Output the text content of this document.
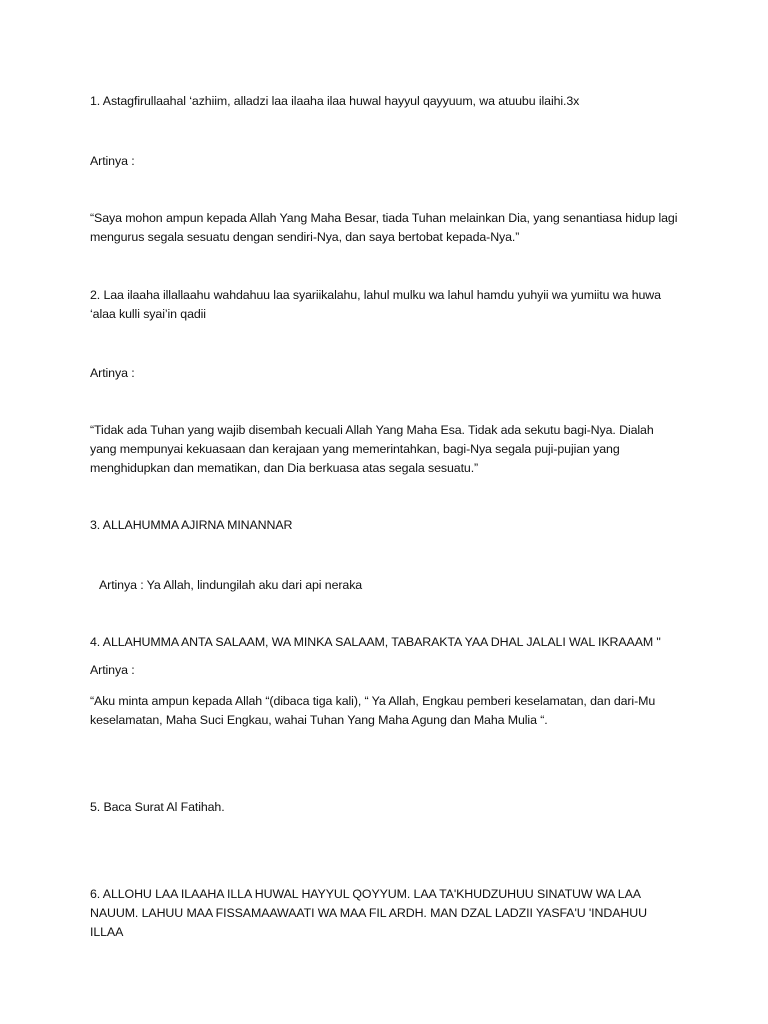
1. Astagfirullaahal ‘azhiim, alladzi laa ilaaha ilaa huwal hayyul qayyuum, wa atuubu ilaihi.3x
Artinya :
“Saya mohon ampun kepada Allah Yang Maha Besar, tiada Tuhan melainkan Dia, yang senantiasa hidup lagi mengurus segala sesuatu dengan sendiri-Nya, dan saya bertobat kepada-Nya.”
2. Laa ilaaha illallaahu wahdahuu laa syariikalahu, lahul mulku wa lahul hamdu yuhyii wa yumiitu wa huwa ‘alaa kulli syai’in qadii
Artinya :
“Tidak ada Tuhan yang wajib disembah kecuali Allah Yang Maha Esa. Tidak ada sekutu bagi-Nya. Dialah yang mempunyai kekuasaan dan kerajaan yang memerintahkan, bagi-Nya segala puji-pujian yang menghidupkan dan mematikan, dan Dia berkuasa atas segala sesuatu.”
3. ALLAHUMMA AJIRNA MINANNAR
Artinya : Ya Allah, lindungilah aku dari api neraka
4. ALLAHUMMA ANTA SALAAM, WA MINKA SALAAM, TABARAKTA YAA DHAL JALALI WAL IKRAAAM "
Artinya :
“Aku minta ampun kepada Allah “(dibaca tiga kali), “ Ya Allah, Engkau pemberi keselamatan, dan dari-Mu keselamatan, Maha Suci Engkau, wahai Tuhan Yang Maha Agung dan Maha Mulia “.
5. Baca Surat Al Fatihah.
6. ALLOHU LAA ILAAHA ILLA HUWAL HAYYUL QOYYUM. LAA TA'KHUDZUHUU SINATUW WA LAA NAUUM. LAHUU MAA FISSAMAAWAATI WA MAA FIL ARDH. MAN DZAL LADZII YASFA'U 'INDAHUU ILLAA
